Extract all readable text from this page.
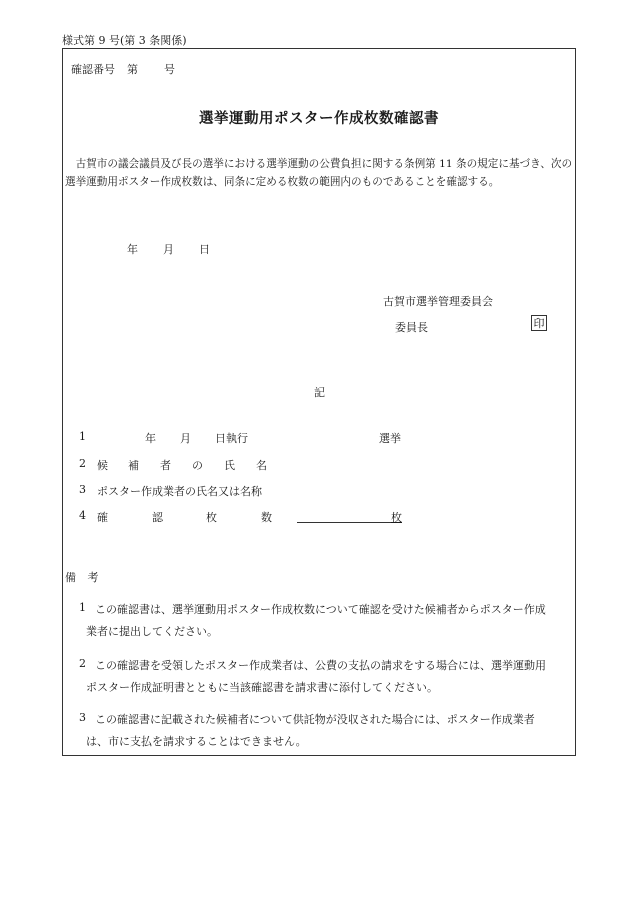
様式第 9 号(第 3 条関係)
確認番号 第 号
選挙運動用ポスター作成枚数確認書
古賀市の議会議員及び長の選挙における選挙運動の公費負担に関する条例第 11 条の規定に基づき、次の選挙運動用ポスター作成枚数は、同条に定める枚数の範囲内のものであることを確認する。
年 月 日
古賀市選挙管理委員会
委員長	印
記
1	年 月 日執行	選挙
2 候 補 者 の 氏 名
3 ポスター作成業者の氏名又は名称
4 確	認	枚	数	枚
備 考
1 この確認書は、選挙運動用ポスター作成枚数について確認を受けた候補者からポスター作成
業者に提出してください。
2 この確認書を受領したポスター作成業者は、公費の支払の請求をする場合には、選挙運動用
ポスター作成証明書とともに当該確認書を請求書に添付してください。
3 この確認書に記載された候補者について供託物が没収された場合には、ポスター作成業者
は、市に支払を請求することはできません。
